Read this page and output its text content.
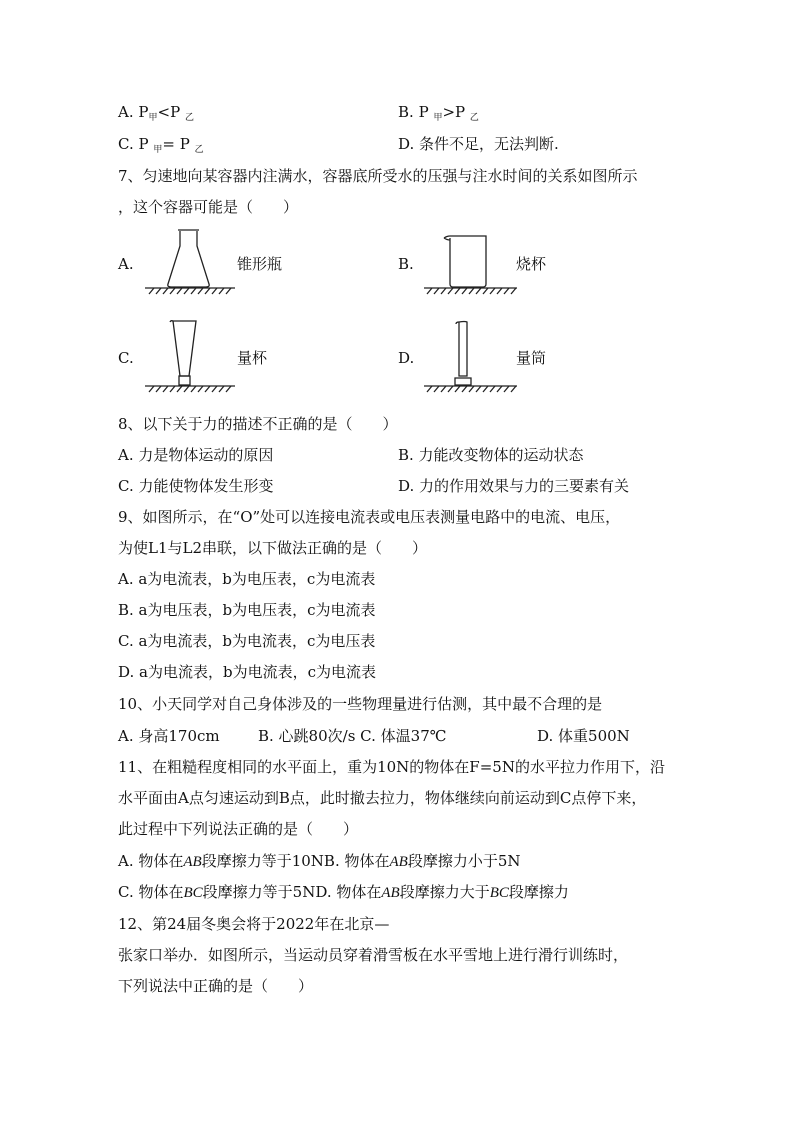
A. $P_甲<P$ $_乙$	B. P $_甲$>P $_乙$
C. P $_甲$= P $_乙$	D. 条件不足，无法判断.
7、匀速地向某容器内注满水，容器底所受水的压强与注水时间的关系如图所示
，这个容器可能是（　　）
A.	锥形瓶	B.	烧杯
C.	量杯	D.	量筒
8、以下关于力的描述不正确的是（　　）
A. 力是物体运动的原因	B. 力能改变物体的运动状态
C. 力能使物体发生形变	D. 力的作用效果与力的三要素有关
9、如图所示，在“O”处可以连接电流表或电压表测量电路中的电流、电压，
为使L1与L2串联，以下做法正确的是（　　）
A. a为电流表，b为电压表，c为电流表
B. a为电压表，b为电压表，c为电流表
C. a为电流表，b为电流表，c为电压表
D. a为电流表，b为电流表，c为电流表
10、小天同学对自己身体涉及的一些物理量进行估测，其中最不合理的是
A. 身高170cm	B. 心跳80次/s C. 体温37℃	D. 体重500N
11、在粗糙程度相同的水平面上，重为10N的物体在F=5N的水平拉力作用下，沿
水平面由A点匀速运动到B点，此时撤去拉力，物体继续向前运动到C点停下来，
此过程中下列说法正确的是（　　）
A. 物体在AB段摩擦力等于10NB. 物体在AB段摩擦力小于5N
C. 物体在BC段摩擦力等于5ND. 物体在AB段摩擦力大于BC段摩擦力
12、第24届冬奥会将于2022年在北京—
张家口举办．如图所示，当运动员穿着滑雪板在水平雪地上进行滑行训练时，
下列说法中正确的是（　　）
